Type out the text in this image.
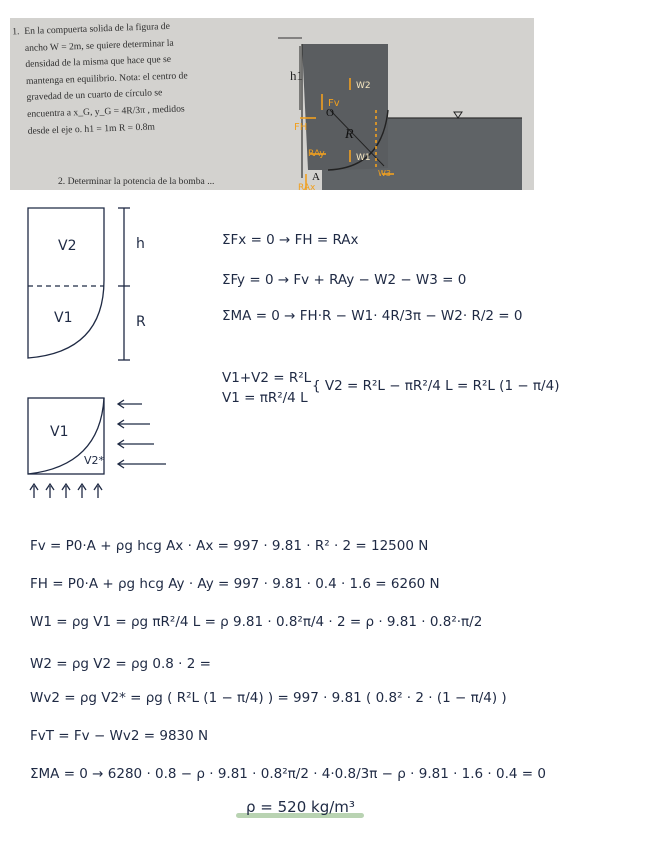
1. En la compuerta solida de la figura de
ancho W = 2m, se quiere determinar la
densidad de la misma que hace que se
mantenga en equilibrio. Nota: el centro de
gravedad de un cuarto de círculo se
encuentra a x_G, y_G = 4R/3π , medidos
desde el eje o. h1 = 1m R = 0.8m
2. Determinar la potencia de la bomba ...
h1
R
Fv
FH
W2
W1
W3
RAy
RAx
A
O
V2
V1
h
R
V1
V2*
ΣFx = 0 → FH = RAx
ΣFy = 0 → Fv + RAy − W2 − W3 = 0
ΣMA = 0 → FH·R − W1· 4R/3π − W2· R/2 = 0
V1+V2 = R²L
V1 = πR²/4 L
{ V2 = R²L − πR²/4 L = R²L (1 − π/4)
Fv = P0·A + ρg hcg Ax · Ax = 997 · 9.81 · R² · 2 = 12500 N
FH = P0·A + ρg hcg Ay · Ay = 997 · 9.81 · 0.4 · 1.6 = 6260 N
W1 = ρg V1 = ρg πR²/4 L = ρ 9.81 · 0.8²π/4 · 2 = ρ · 9.81 · 0.8²·π/2
W2 = ρg V2 = ρg 0.8 · 2 =
Wv2 = ρg V2* = ρg ( R²L (1 − π/4) ) = 997 · 9.81 ( 0.8² · 2 · (1 − π/4) )
FvT = Fv − Wv2 = 9830 N
ΣMA = 0 → 6280 · 0.8 − ρ · 9.81 · 0.8²π/2 · 4·0.8/3π − ρ · 9.81 · 1.6 · 0.4 = 0
ρ = 520 kg/m³
